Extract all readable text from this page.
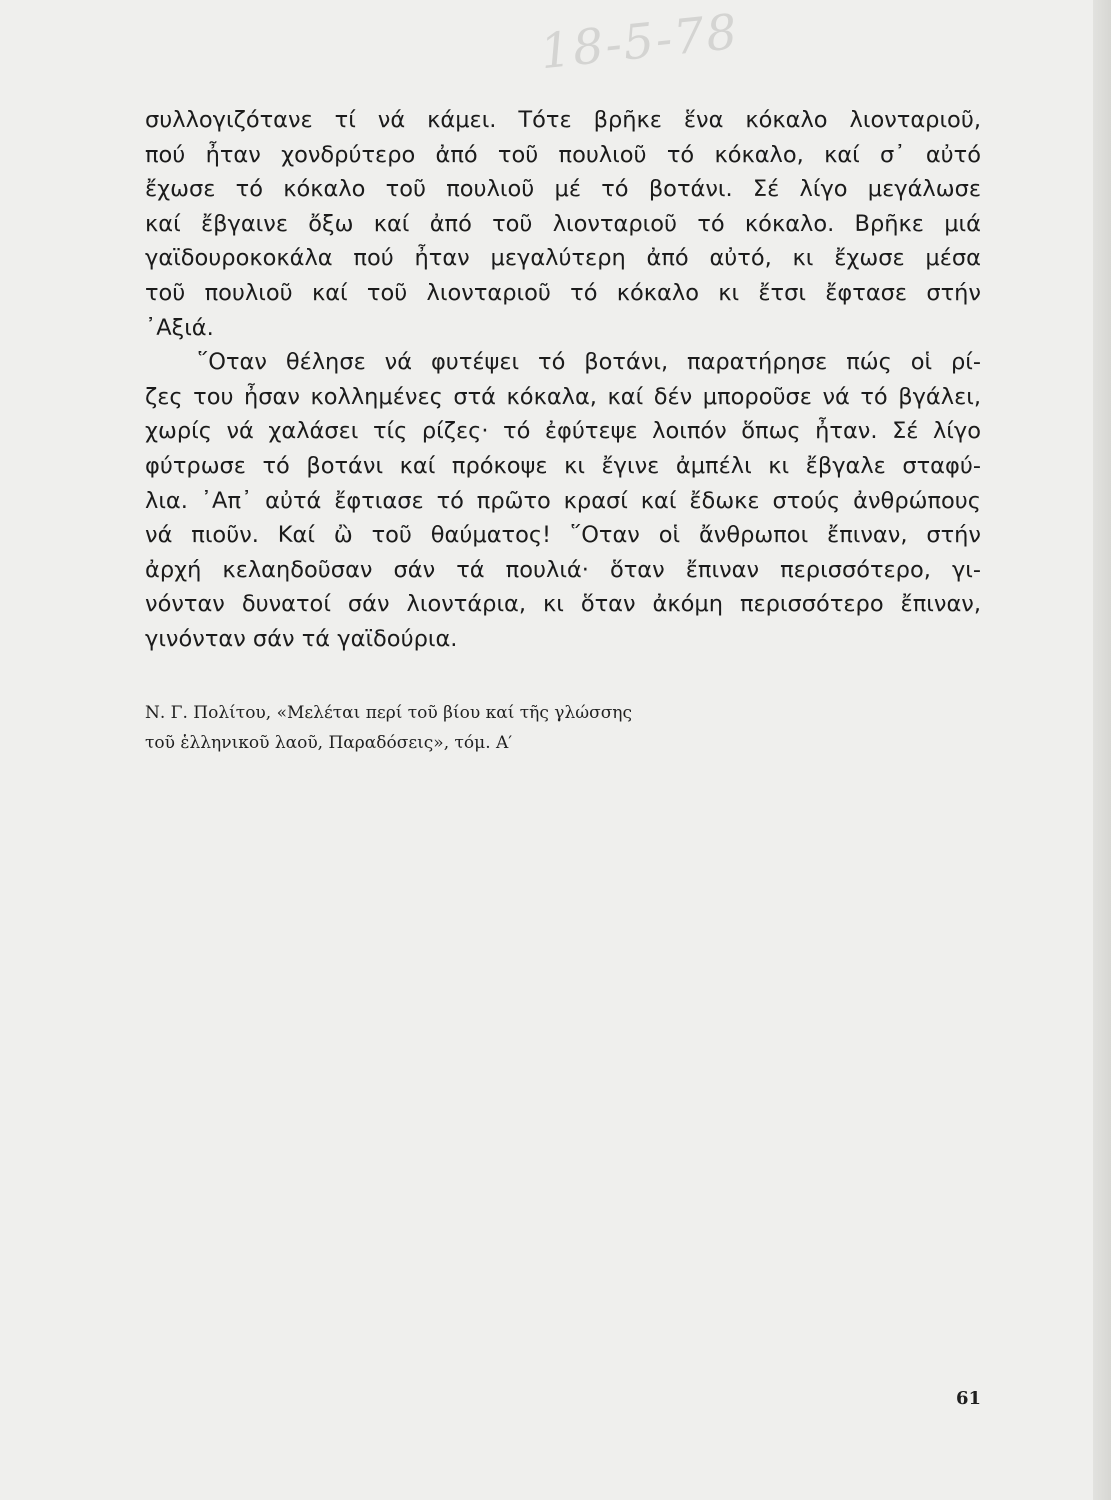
18-5-78
συλλογιζότανε τί νά κάμει. Τότε βρῆκε ἕνα κόκαλο λιονταριοῦ,
πού ἦταν χονδρύτερο ἀπό τοῦ πουλιοῦ τό κόκαλο, καί σ᾿ αὐτό
ἔχωσε τό κόκαλο τοῦ πουλιοῦ μέ τό βοτάνι. Σέ λίγο μεγάλωσε
καί ἔβγαινε ὄξω καί ἀπό τοῦ λιονταριοῦ τό κόκαλο. Βρῆκε μιά
γαϊδουροκοκάλα πού ἦταν μεγαλύτερη ἀπό αὐτό, κι ἔχωσε μέσα
τοῦ πουλιοῦ καί τοῦ λιονταριοῦ τό κόκαλο κι ἔτσι ἔφτασε στήν
᾿Αξιά.
῞Οταν θέλησε νά φυτέψει τό βοτάνι, παρατήρησε πώς οἱ ρί-
ζες του ἦσαν κολλημένες στά κόκαλα, καί δέν μποροῦσε νά τό βγάλει,
χωρίς νά χαλάσει τίς ρίζες· τό ἐφύτεψε λοιπόν ὅπως ἦταν. Σέ λίγο
φύτρωσε τό βοτάνι καί πρόκοψε κι ἔγινε ἀμπέλι κι ἔβγαλε σταφύ-
λια. ᾿Απ᾿ αὐτά ἔφτιασε τό πρῶτο κρασί καί ἔδωκε στούς ἀνθρώπους
νά πιοῦν. Καί ὢ τοῦ θαύματος! ῞Οταν οἱ ἄνθρωποι ἔπιναν, στήν
ἀρχή κελαηδοῦσαν σάν τά πουλιά· ὅταν ἔπιναν περισσότερο, γι-
νόνταν δυνατοί σάν λιοντάρια, κι ὅταν ἀκόμη περισσότερο ἔπιναν,
γινόνταν σάν τά γαϊδούρια.
Ν. Γ. Πολίτου, «Μελέται περί τοῦ βίου καί τῆς γλώσσης
τοῦ ἑλληνικοῦ λαοῦ, Παραδόσεις», τόμ. Α′
61
